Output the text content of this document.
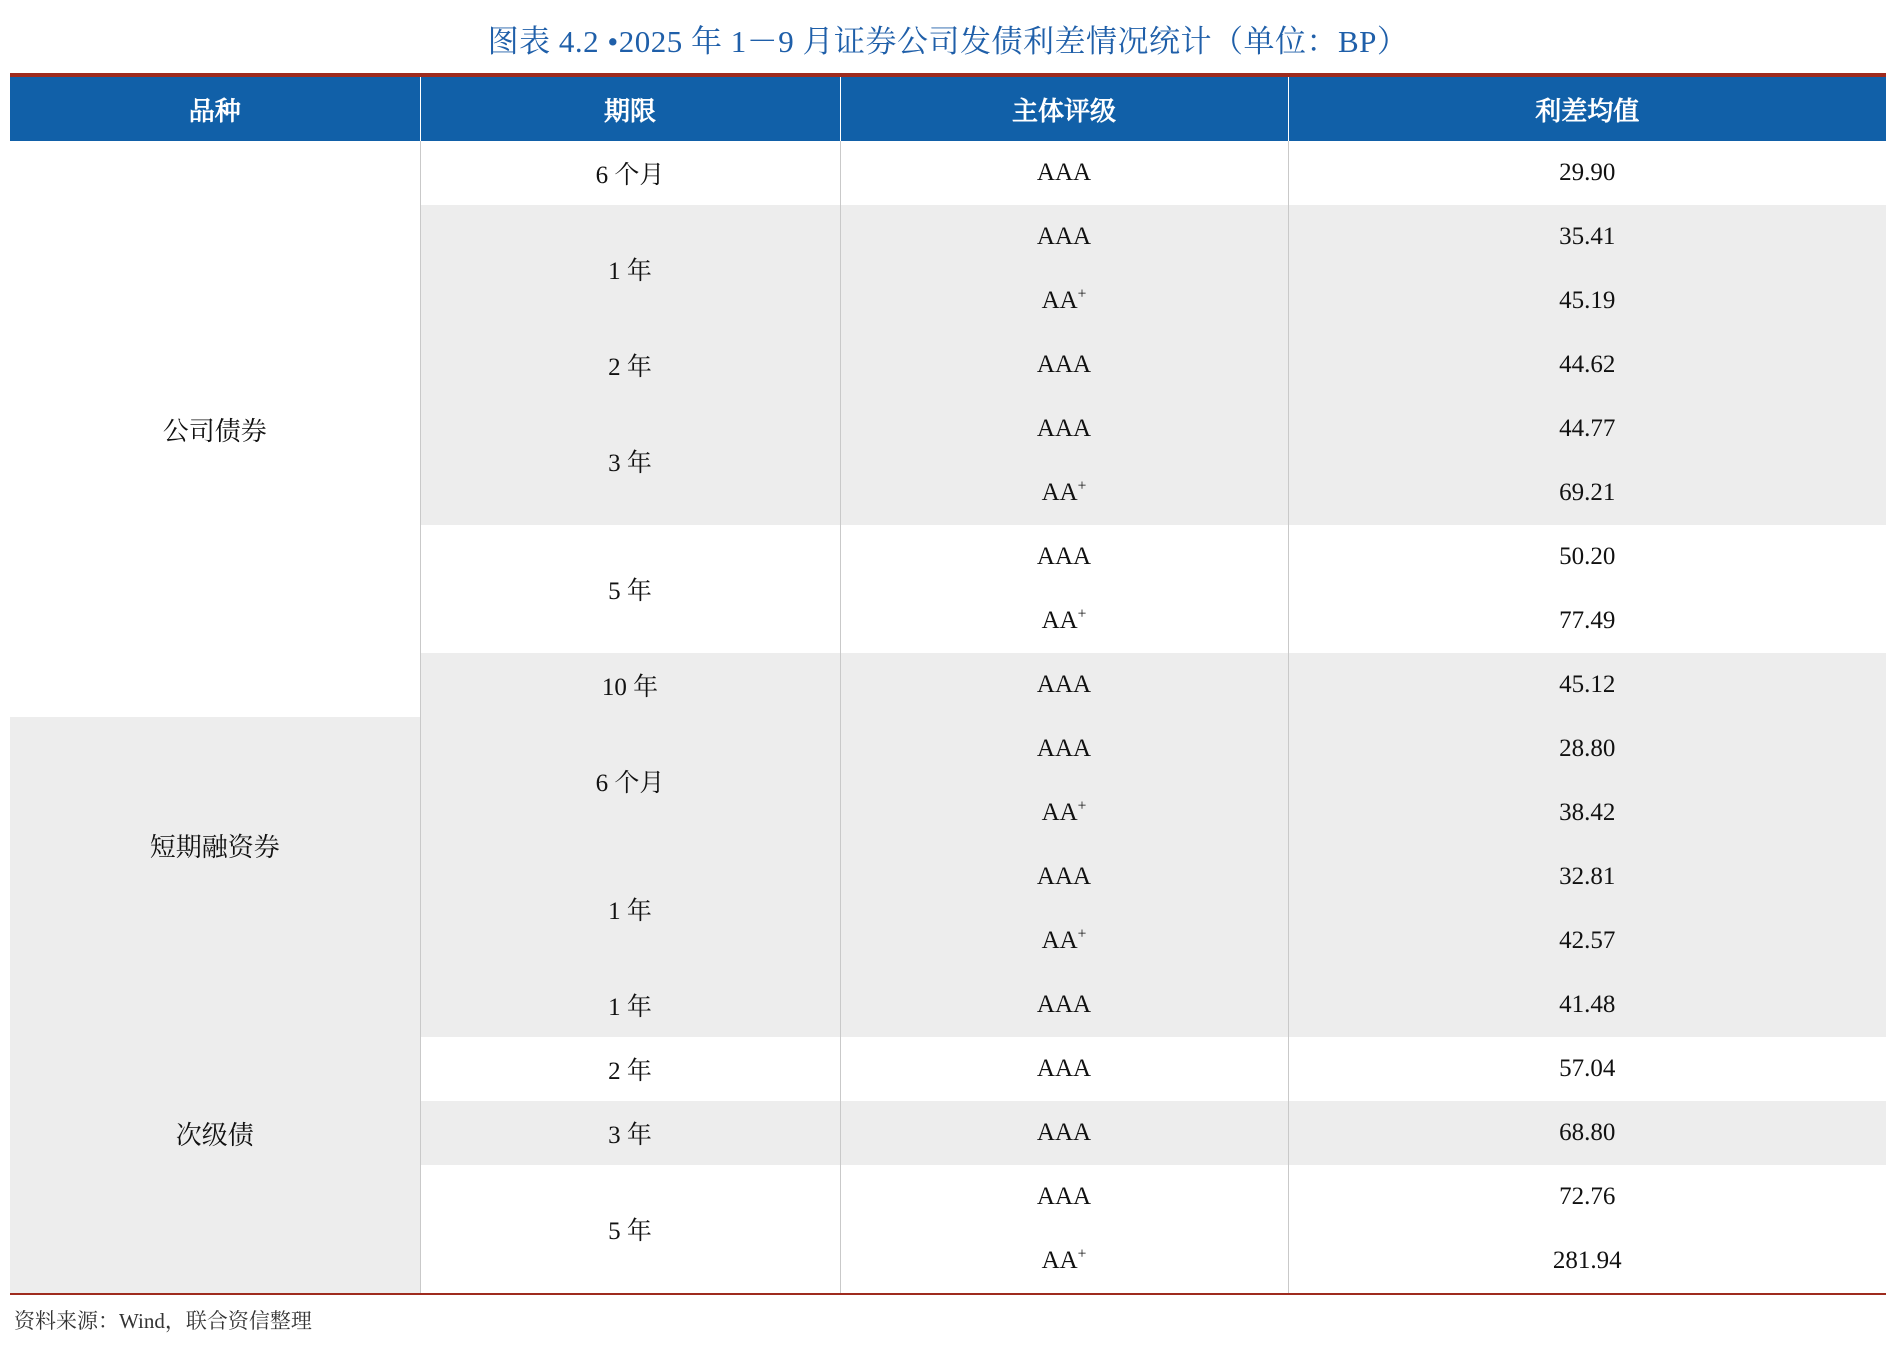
图表 4.2 •2025 年 1－9 月证券公司发债利差情况统计（单位：BP）
品种	期限	主体评级	利差均值
公司债券	6 个月	AAA	29.90
	1 年	AAA	35.41
		AA+	45.19
	2 年	AAA	44.62
	3 年	AAA	44.77
		AA+	69.21
	5 年	AAA	50.20
		AA+	77.49
	10 年	AAA	45.12
短期融资券	6 个月	AAA	28.80
		AA+	38.42
	1 年	AAA	32.81
		AA+	42.57
次级债	1 年	AAA	41.48
	2 年	AAA	57.04
	3 年	AAA	68.80
	5 年	AAA	72.76
		AA+	281.94
资料来源：Wind，联合资信整理
